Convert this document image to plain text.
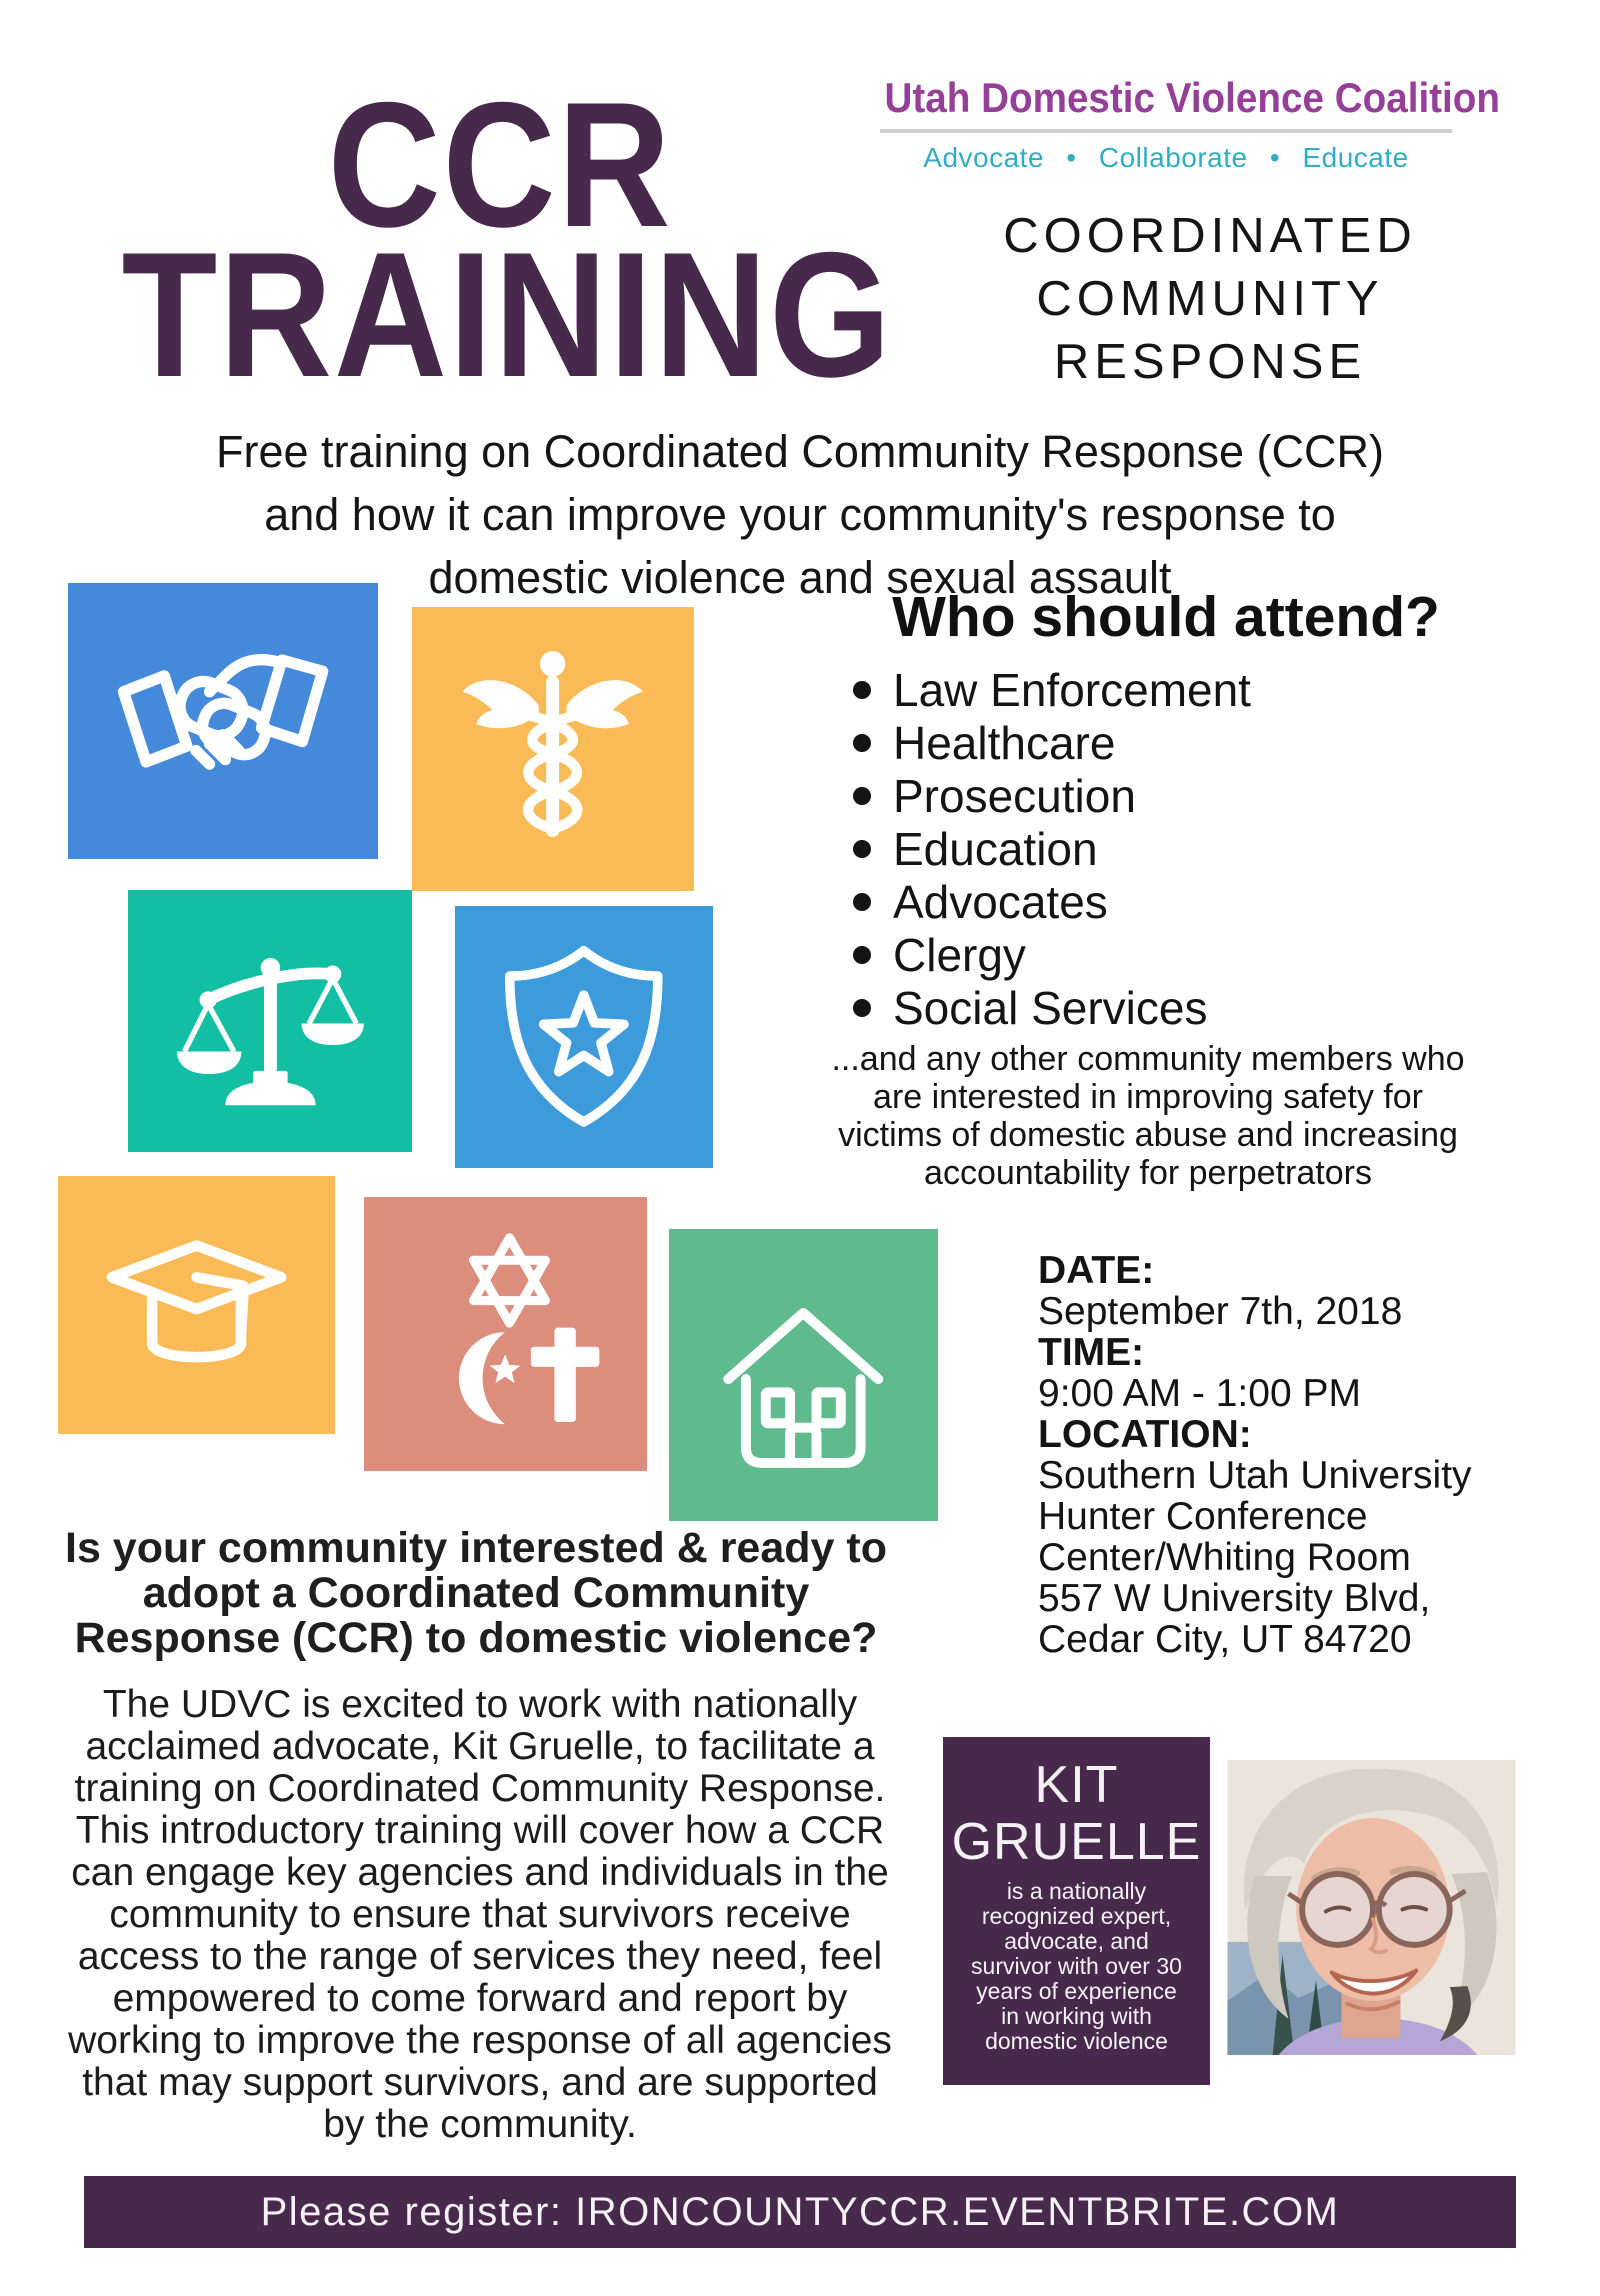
CCR
TRAINING
Utah Domestic Violence Coalition
Advocate • Collaborate • Educate
COORDINATED
COMMUNITY
RESPONSE
Free training on Coordinated Community Response (CCR)
and how it can improve your community's response to
domestic violence and sexual assault
Who should attend?
Law Enforcement
Healthcare
Prosecution
Education
Advocates
Clergy
Social Services
...and any other community members who
are interested in improving safety for
victims of domestic abuse and increasing
accountability for perpetrators
DATE:
September 7th, 2018
TIME:
9:00 AM - 1:00 PM
LOCATION:
Southern Utah University
Hunter Conference
Center/Whiting Room
557 W University Blvd,
Cedar City, UT 84720
Is your community interested & ready to
adopt a Coordinated Community
Response (CCR) to domestic violence?
The UDVC is excited to work with nationally
acclaimed advocate, Kit Gruelle, to facilitate a
training on Coordinated Community Response.
This introductory training will cover how a CCR
can engage key agencies and individuals in the
community to ensure that survivors receive
access to the range of services they need, feel
empowered to come forward and report by
working to improve the response of all agencies
that may support survivors, and are supported
by the community.
KIT
GRUELLE
is a nationally
recognized expert,
advocate, and
survivor with over 30
years of experience
in working with
domestic violence
Please register: IRONCOUNTYCCR.EVENTBRITE.COM
